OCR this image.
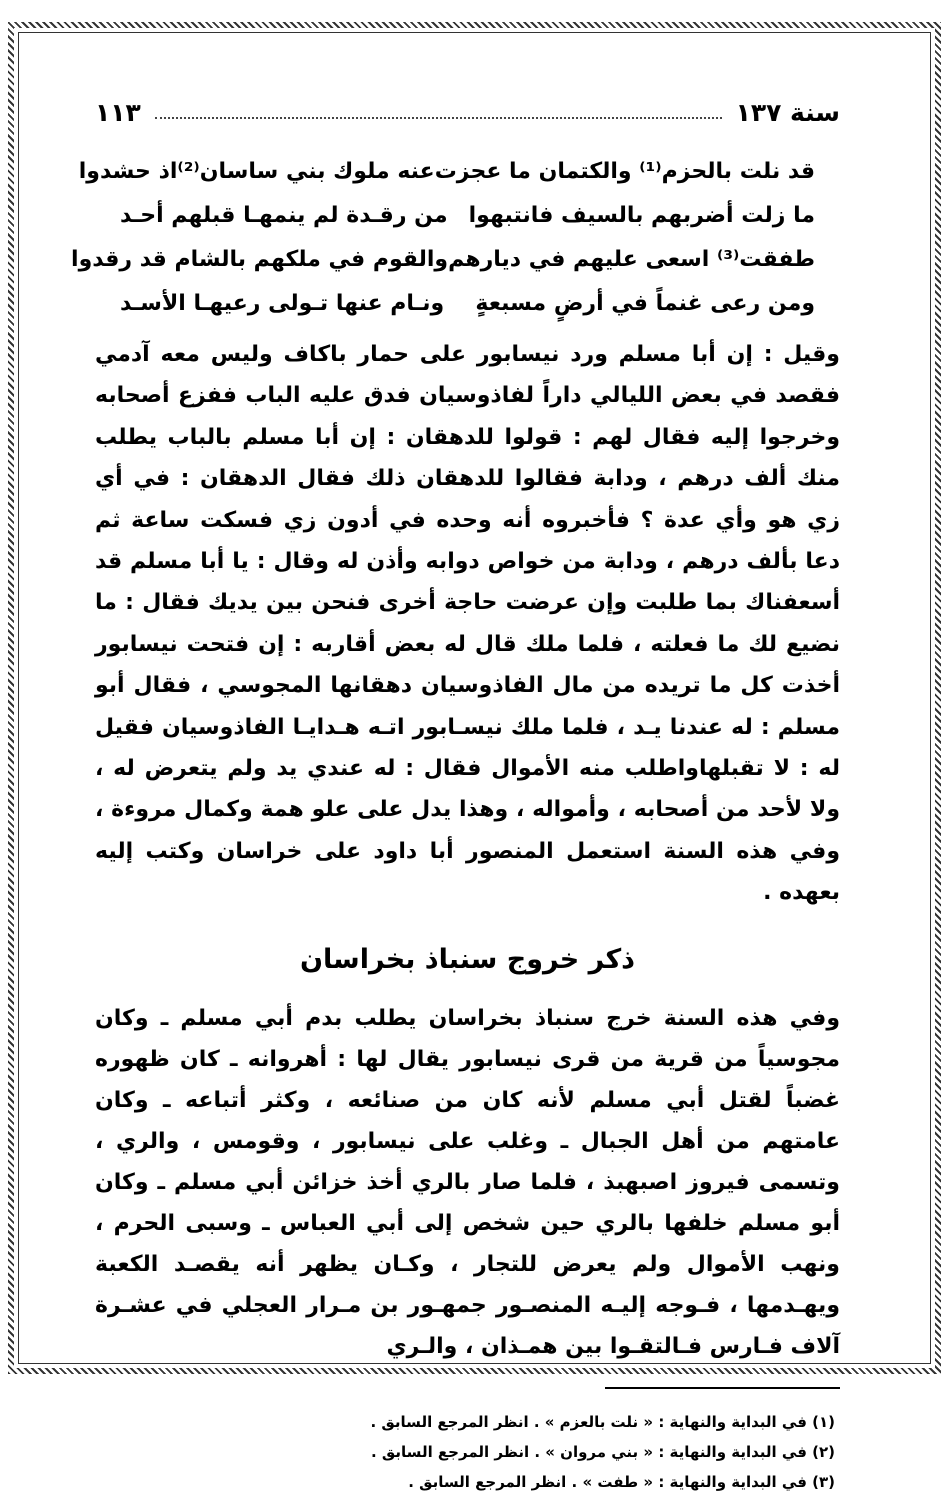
سنة ١٣٧
١١٣
قد نلت بالحزم⁽¹⁾ والكتمان ما عجزت
عنه ملوك بني ساسان⁽²⁾اذ حشدوا
ما زلت أضربهم بالسيف فانتبهوا
من رقـدة لم ينمهـا قبلهم أحـد
طفقت⁽³⁾ اسعى عليهم في ديارهم
والقوم في ملكهم بالشام قد رقدوا
ومن رعى غنماً في أرضٍ مسبعةٍ
ونـام عنها تـولى رعيهـا الأسـد

وقيل : إن أبا مسلم ورد نيسابور على حمار باكاف وليس معه آدمي فقصد في بعض الليالي داراً لفاذوسيان فدق عليه الباب ففزع أصحابه وخرجوا إليه فقال لهم : قولوا للدهقان : إن أبا مسلم بالباب يطلب منك ألف درهم ، ودابة فقالوا للدهقان ذلك فقال الدهقان : في أي زي هو وأي عدة ؟ فأخبروه أنه وحده في أدون زي فسكت ساعة ثم دعا بألف درهم ، ودابة من خواص دوابه وأذن له وقال : يا أبا مسلم قد أسعفناك بما طلبت وإن عرضت حاجة أخرى فنحن بين يديك فقال : ما نضيع لك ما فعلته ، فلما ملك قال له بعض أقاربه : إن فتحت نيسابور أخذت كل ما تريده من مال الفاذوسيان دهقانها المجوسي ، فقال أبو مسلم : له عندنا يـد ، فلما ملك نيسـابور اتـه هـدايـا الفاذوسيان فقيل له : لا تقبلهاواطلب منه الأموال فقال : له عندي يد ولم يتعرض له ، ولا لأحد من أصحابه ، وأمواله ، وهذا يدل على علو همة وكمال مروءة ، وفي هذه السنة استعمل المنصور أبا داود على خراسان وكتب إليه بعهده .

ذكر خروج سنباذ بخراسان

وفي هذه السنة خرج سنباذ بخراسان يطلب بدم أبي مسلم ـ وكان مجوسياً من قرية من قرى نيسابور يقال لها : أهروانه ـ كان ظهوره غضباً لقتل أبي مسلم لأنه كان من صنائعه ، وكثر أتباعه ـ وكان عامتهم من أهل الجبال ـ وغلب على نيسابور ، وقومس ، والري ، وتسمى فيروز اصبهبذ ، فلما صار بالري أخذ خزائن أبي مسلم ـ وكان أبو مسلم خلفها بالري حين شخص إلى أبي العباس ـ وسبى الحرم ، ونهب الأموال ولم يعرض للتجار ، وكـان يظهر أنه يقصـد الكعبة ويهـدمها ، فـوجه إليـه المنصـور جمهـور بن مـرار العجلي في عشـرة آلاف فـارس فـالتقـوا بين همـذان ، والـري

(١) في البداية والنهاية : « نلت بالعزم » . انظر المرجع السابق .
(٢) في البداية والنهاية : « بني مروان » . انظر المرجع السابق .
(٣) في البداية والنهاية : « طفت » . انظر المرجع السابق .
